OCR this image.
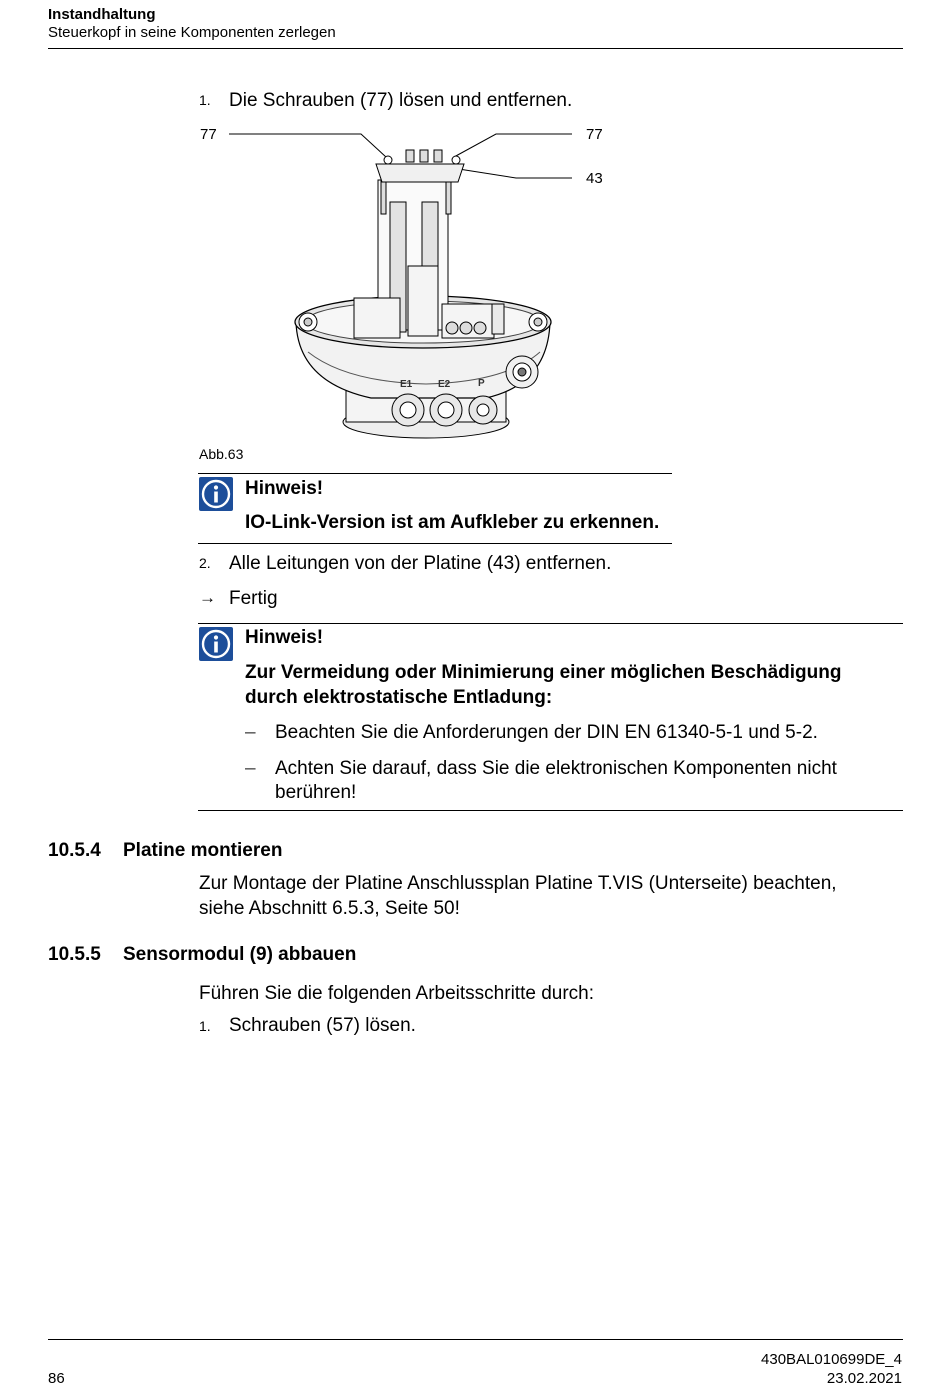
Instandhaltung
Steuerkopf in seine Komponenten zerlegen
1. Die Schrauben (77) lösen und entfernen.
77	77
43
E1	E2	P
Abb.63
Hinweis!
IO-Link-Version ist am Aufkleber zu erkennen.
2. Alle Leitungen von der Platine (43) entfernen.
→ Fertig
Hinweis!
Zur Vermeidung oder Minimierung einer möglichen Beschädigung
durch elektrostatische Entladung:
– Beachten Sie die Anforderungen der DIN EN 61340-5-1 und 5-2.
– Achten Sie darauf, dass Sie die elektronischen Komponenten nicht
berühren!
10.5.4 Platine montieren
Zur Montage der Platine Anschlussplan Platine T.VIS (Unterseite) beachten,
siehe Abschnitt 6.5.3, Seite 50!
10.5.5 Sensormodul (9) abbauen
Führen Sie die folgenden Arbeitsschritte durch:
1. Schrauben (57) lösen.
86
430BAL010699DE_4
23.02.2021
